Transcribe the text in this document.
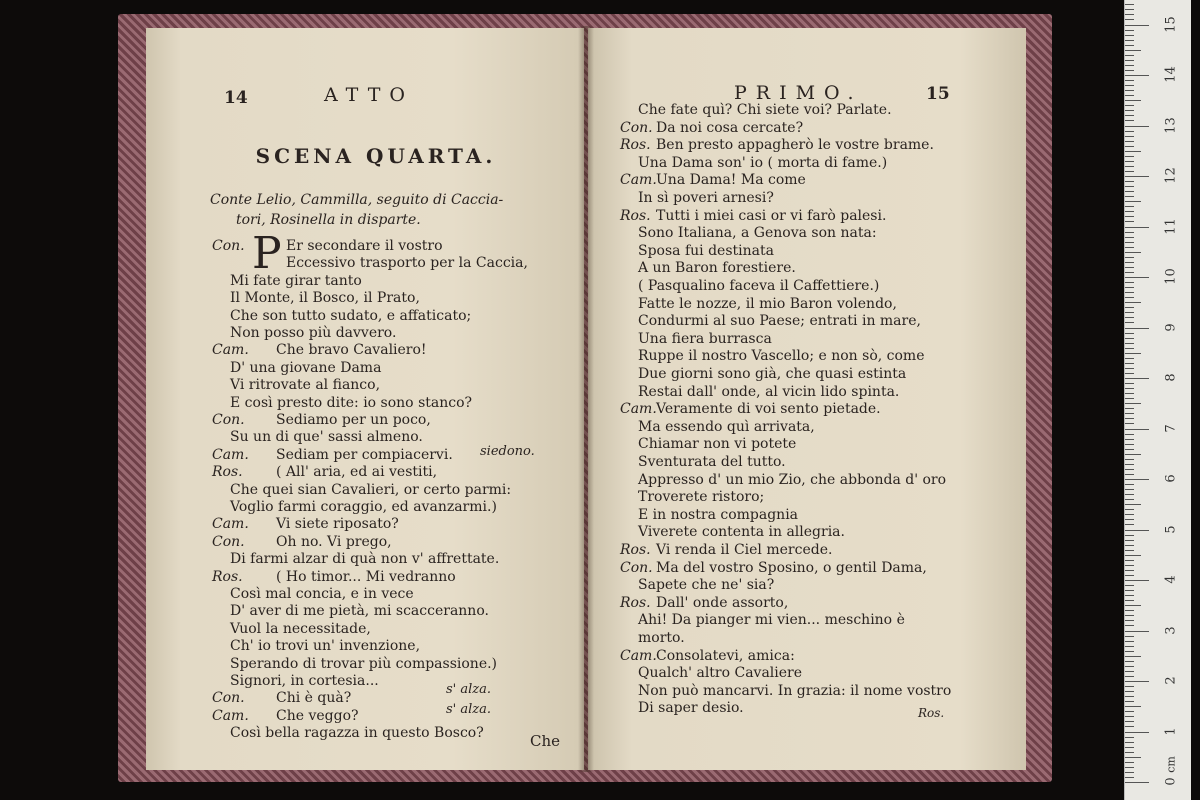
14	ATTO
SCENA QUARTA.
Conte Lelio, Cammilla, seguito di Caccia-
tori, Rosinella in disparte.
P
Con.	Er secondare il vostro
Eccessivo trasporto per la Caccia,
Mi fate girar tanto
Il Monte, il Bosco, il Prato,
Che son tutto sudato, e affaticato;
Non posso più davvero.
Cam. Che bravo Cavaliero!
D' una giovane Dama
Vi ritrovate al fianco,
E così presto dite: io sono stanco?
Con. Sediamo per un poco,
Su un di que' sassi almeno.
Cam. Sediam per compiacervi.
Ros. ( All' aria, ed ai vestiti,
Che quei sian Cavalieri, or certo parmi:
Voglio farmi coraggio, ed avanzarmi.)
Cam. Vi siete riposato?
Con. Oh no. Vi prego,
Di farmi alzar di quà non v' affrettate.
Ros. ( Ho timor... Mi vedranno
Così mal concia, e in vece
D' aver di me pietà, mi scacceranno.
Vuol la necessitade,
Ch' io trovi un' invenzione,
Sperando di trovar più compassione.)
Signori, in cortesia...
Con. Chi è quà?
Cam. Che veggo?
Così bella ragazza in questo Bosco?
siedono.
s' alza.
s' alza.
Che
PRIMO.	15
Che fate quì? Chi siete voi? Parlate.
Con. Da noi cosa cercate?
Ros. Ben presto appagherò le vostre brame.
Una Dama son' io ( morta di fame.)
Cam. Una Dama! Ma come
In sì poveri arnesi?
Ros. Tutti i miei casi or vi farò palesi.
Sono Italiana, a Genova son nata:
Sposa fui destinata
A un Baron forestiere.
( Pasqualino faceva il Caffettiere.)
Fatte le nozze, il mio Baron volendo,
Condurmi al suo Paese; entrati in mare,
Una fiera burrasca
Ruppe il nostro Vascello; e non sò, come
Due giorni sono già, che quasi estinta
Restai dall' onde, al vicin lido spinta.
Cam. Veramente di voi sento pietade.
Ma essendo quì arrivata,
Chiamar non vi potete
Sventurata del tutto.
Appresso d' un mio Zio, che abbonda d' oro
Troverete ristoro;
E in nostra compagnia
Viverete contenta in allegria.
Ros. Vi renda il Ciel mercede.
Con. Ma del vostro Sposino, o gentil Dama,
Sapete che ne' sia?
Ros. Dall' onde assorto,
Ahi! Da pianger mi vien... meschino è
morto.
Cam. Consolatevi, amica:
Qualch' altro Cavaliere
Non può mancarvi. In grazia: il nome vostro
Di saper desio.	Ros.
0
1
2
3
4
5
6
7
8
9
10
11
12
13
14
15
cm
